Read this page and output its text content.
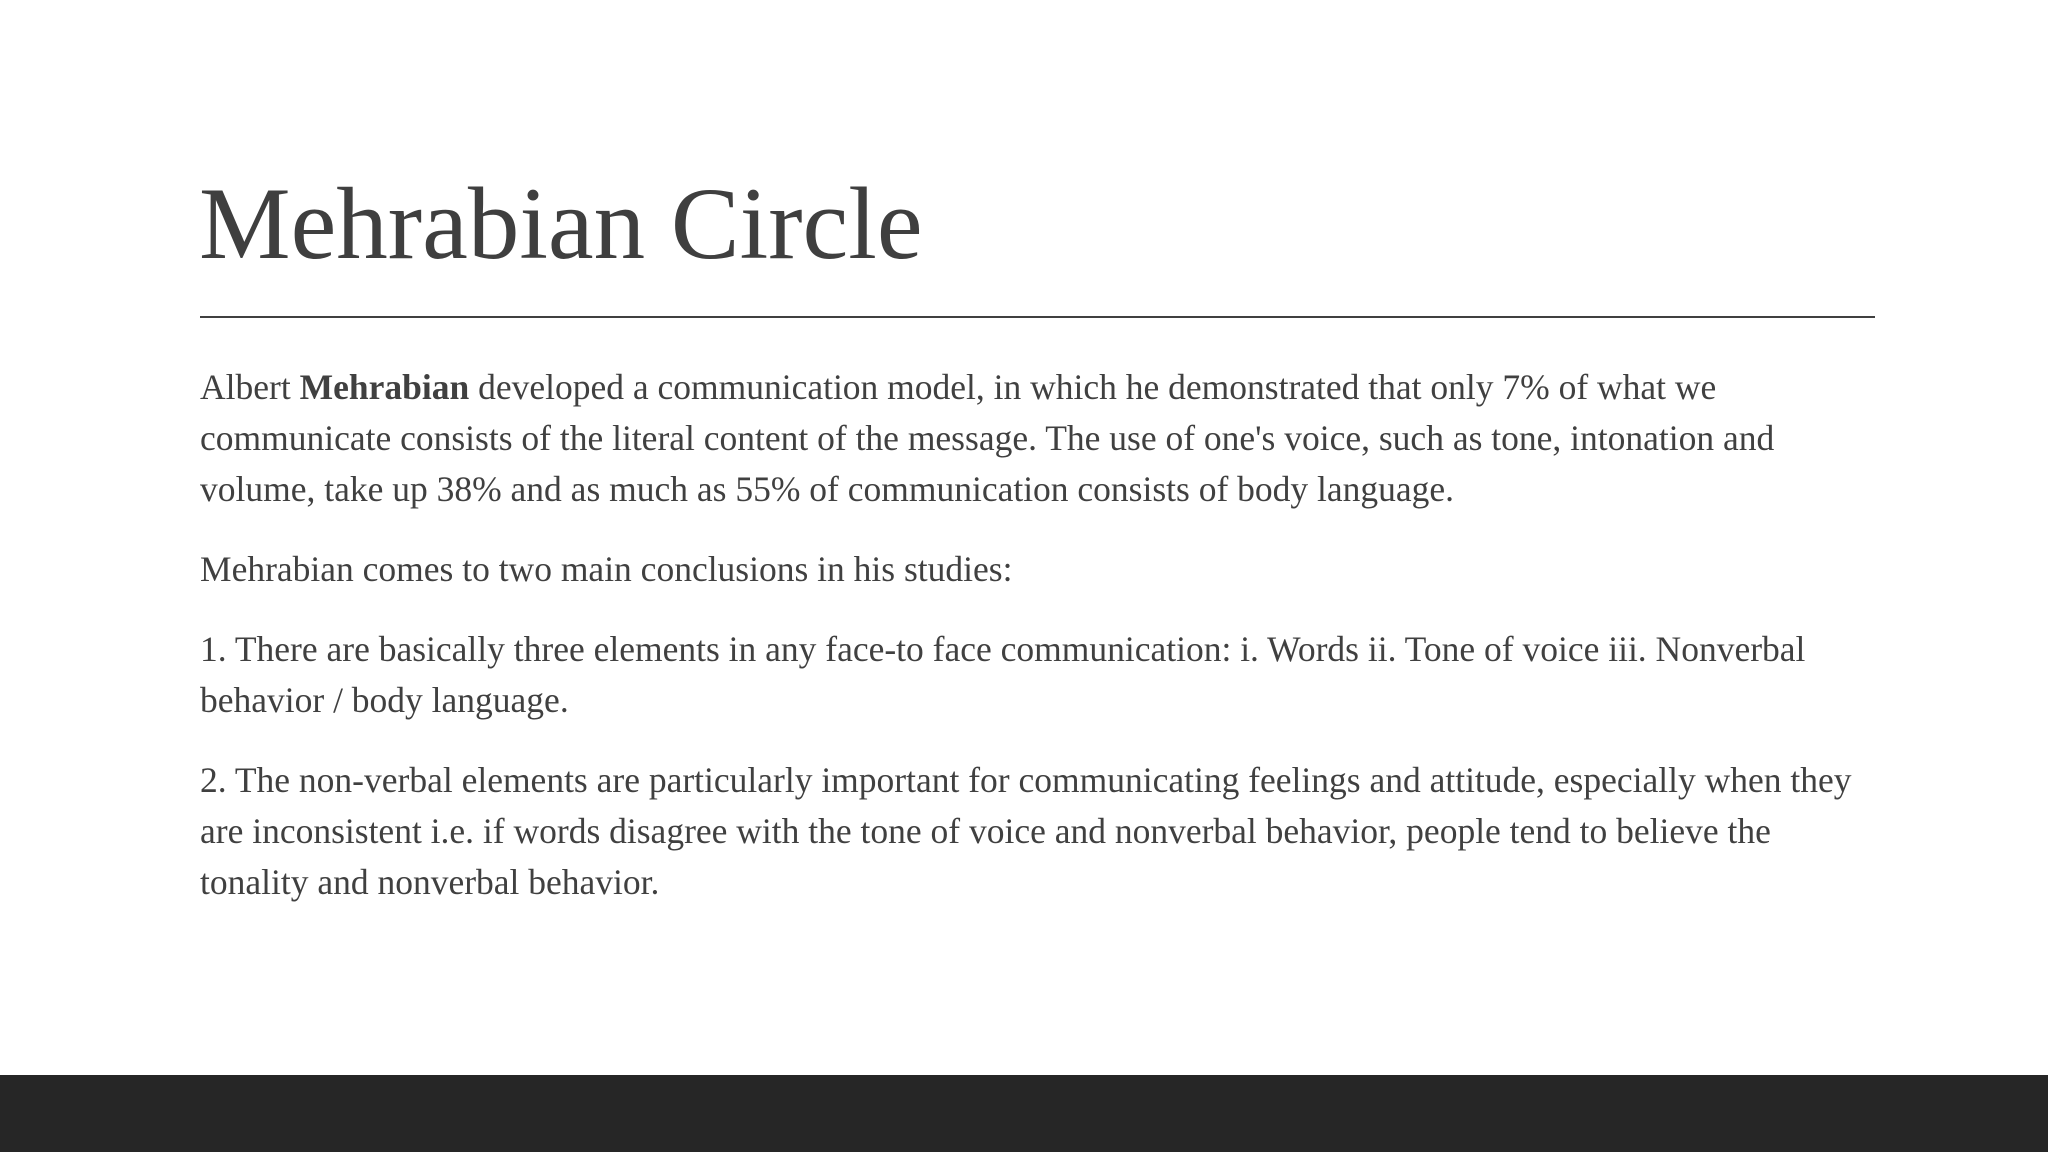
Mehrabian Circle

Albert Mehrabian developed a communication model, in which he demonstrated that only 7% of what we communicate consists of the literal content of the message. The use of one's voice, such as tone, intonation and volume, take up 38% and as much as 55% of communication consists of body language.

Mehrabian comes to two main conclusions in his studies:

1. There are basically three elements in any face-to face communication: i. Words ii. Tone of voice iii. Nonverbal behavior / body language.

2. The non-verbal elements are particularly important for communicating feelings and attitude, especially when they are inconsistent i.e. if words disagree with the tone of voice and nonverbal behavior, people tend to believe the tonality and nonverbal behavior.
